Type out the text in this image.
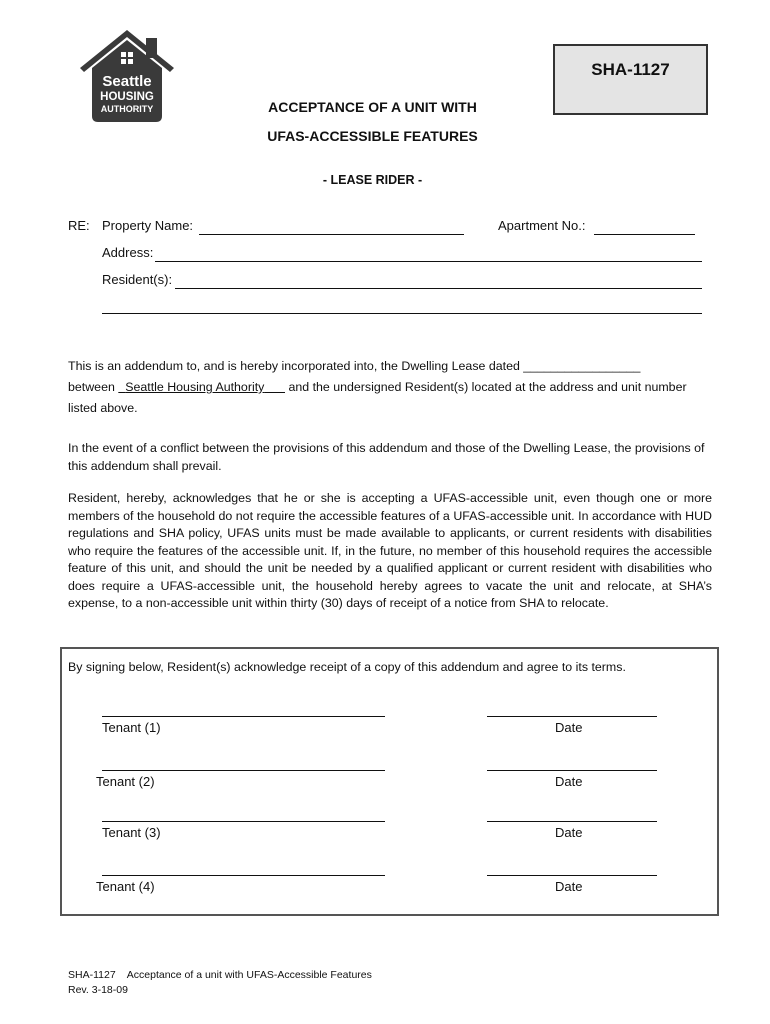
Seattle
HOUSING
AUTHORITY
SHA-1127
ACCEPTANCE OF A UNIT WITH
UFAS-ACCESSIBLE FEATURES
- LEASE RIDER -
RE: Property Name:	Apartment No.:
Address:
Resident(s):
This is an addendum to, and is hereby incorporated into, the Dwelling Lease dated _________________
between Seattle Housing Authority and the undersigned Resident(s) located at the address and unit number
listed above.
In the event of a conflict between the provisions of this addendum and those of the Dwelling Lease, the provisions of this addendum shall prevail.
Resident, hereby, acknowledges that he or she is accepting a UFAS-accessible unit, even though one or more members of the household do not require the accessible features of a UFAS-accessible unit. In accordance with HUD regulations and SHA policy, UFAS units must be made available to applicants, or current residents with disabilities who require the features of the accessible unit. If, in the future, no member of this household requires the accessible feature of this unit, and should the unit be needed by a qualified applicant or current resident with disabilities who does require a UFAS-accessible unit, the household hereby agrees to vacate the unit and relocate, at SHA’s expense, to a non-accessible unit within thirty (30) days of receipt of a notice from SHA to relocate.
By signing below, Resident(s) acknowledge receipt of a copy of this addendum and agree to its terms.
Tenant (1)	Date
Tenant (2)	Date
Tenant (3)	Date
Tenant (4)	Date
SHA-1127    Acceptance of a unit with UFAS-Accessible Features
Rev. 3-18-09
